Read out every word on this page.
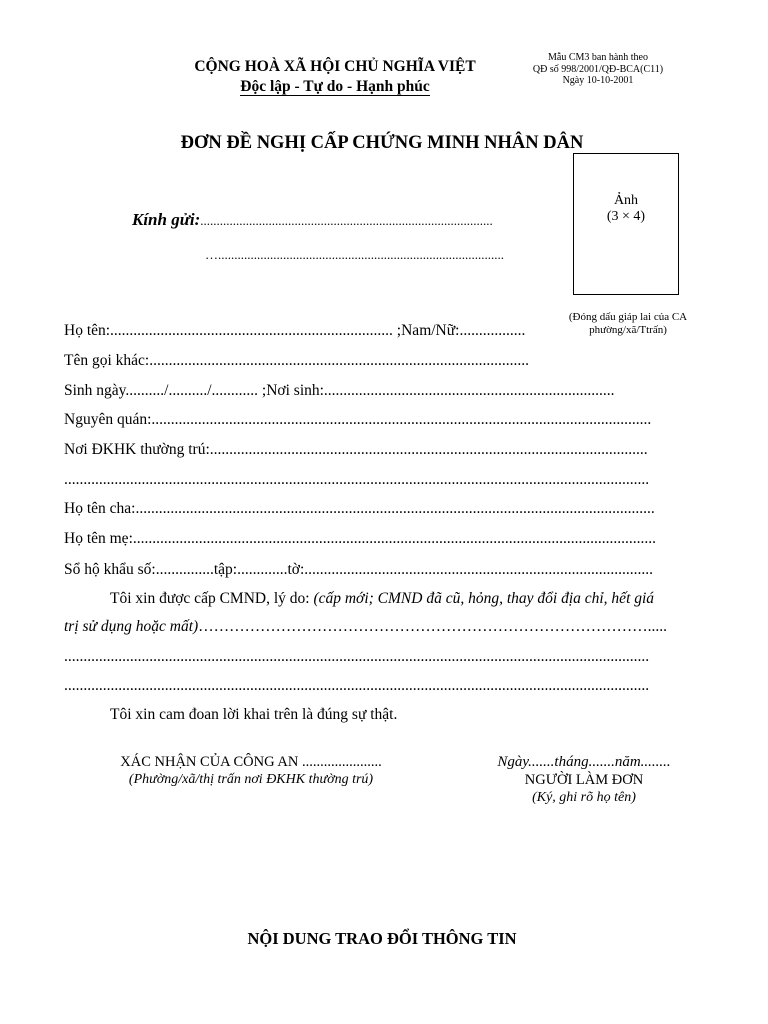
Mẫu CM3 ban hành theo
QĐ số 998/2001/QĐ-BCA(C11)
Ngày 10-10-2001
CỘNG HOÀ XÃ HỘI CHỦ NGHĨA VIỆT
Độc lập - Tự do - Hạnh phúc
ĐƠN ĐỀ NGHỊ CẤP CHỨNG MINH NHÂN DÂN
Ảnh
(3 × 4)
(Đóng dấu giáp lai của CA phường/xã/Ttrấn)
Kính gửi:..........................................................................................
…........................................................................................
Họ tên:......................................................................... ;Nam/Nữ:.................
Tên gọi khác:..................................................................................................
Sinh ngày........../........../............ ;Nơi sinh:...........................................................................
Nguyên quán:.................................................................................................................................
Nơi ĐKHK thường trú:.................................................................................................................
.......................................................................................................................................................
Họ tên cha:......................................................................................................................................
Họ tên mẹ:.......................................................................................................................................
Sổ hộ khẩu số:...............tập:.............tờ:..........................................................................................
Tôi xin được cấp CMND, lý do: (cấp mới; CMND đã cũ, hỏng, thay đổi địa chỉ, hết giá
trị sử dụng hoặc mất)…………………………………………………………………………….....
.......................................................................................................................................................
.......................................................................................................................................................
Tôi xin cam đoan lời khai trên là đúng sự thật.
XÁC NHẬN CỦA CÔNG AN ......................
(Phường/xã/thị trấn nơi ĐKHK thường trú)
Ngày.......tháng.......năm........
NGƯỜI LÀM ĐƠN
(Ký, ghi rõ họ tên)
NỘI DUNG TRAO ĐỔI THÔNG TIN
